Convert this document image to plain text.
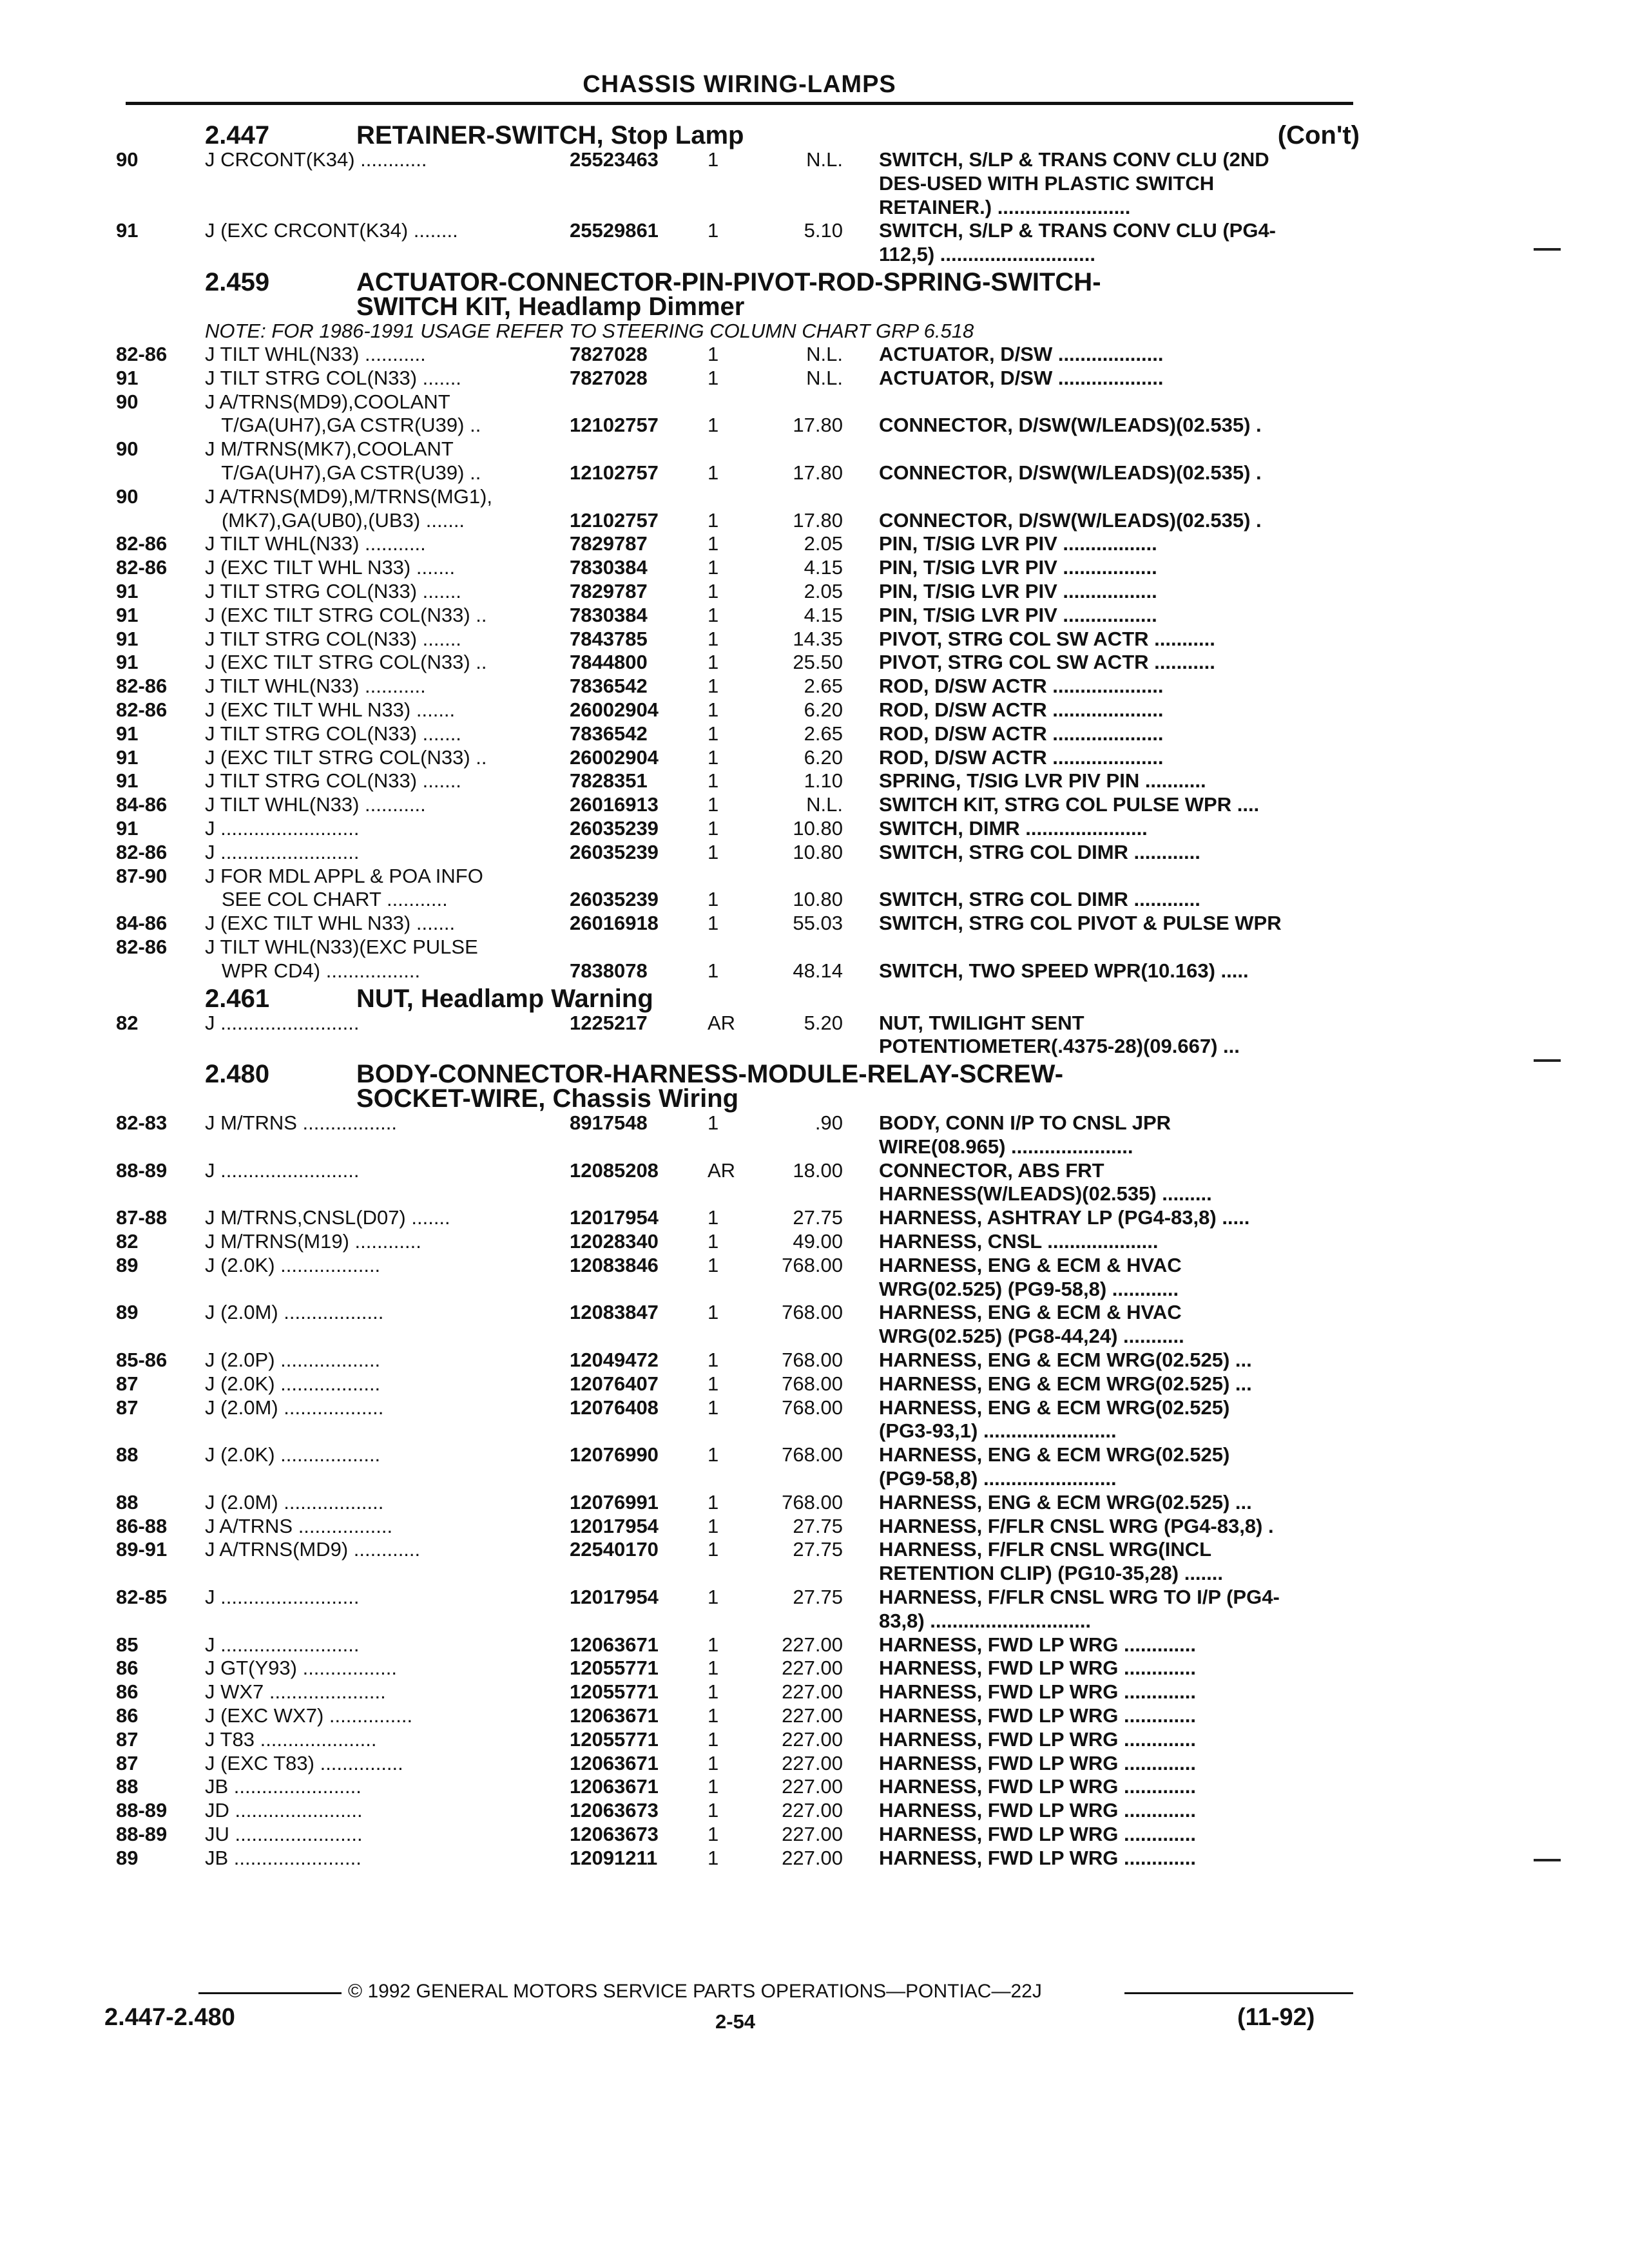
CHASSIS WIRING-LAMPS
2.447	RETAINER-SWITCH, Stop Lamp	(Con't)
90	J CRCONT(K34) ............	25523463	1	N.L.	SWITCH, S/LP & TRANS CONV CLU (2ND
DES-USED WITH PLASTIC SWITCH
RETAINER.) ........................
91	J (EXC CRCONT(K34) ........	25529861	1	5.10	SWITCH, S/LP & TRANS CONV CLU (PG4-
112,5) ............................
2.459	ACTUATOR-CONNECTOR-PIN-PIVOT-ROD-SPRING-SWITCH-
SWITCH KIT, Headlamp Dimmer
NOTE: FOR 1986-1991 USAGE REFER TO STEERING COLUMN CHART GRP 6.518
82-86	J TILT WHL(N33) ...........	7827028	1	N.L.	ACTUATOR, D/SW ...................
91	J TILT STRG COL(N33) .......	7827028	1	N.L.	ACTUATOR, D/SW ...................
90	J A/TRNS(MD9),COOLANT
T/GA(UH7),GA CSTR(U39) ..	12102757	1	17.80	CONNECTOR, D/SW(W/LEADS)(02.535) .
90	J M/TRNS(MK7),COOLANT
T/GA(UH7),GA CSTR(U39) ..	12102757	1	17.80	CONNECTOR, D/SW(W/LEADS)(02.535) .
90	J A/TRNS(MD9),M/TRNS(MG1),
(MK7),GA(UB0),(UB3) .......	12102757	1	17.80	CONNECTOR, D/SW(W/LEADS)(02.535) .
82-86	J TILT WHL(N33) ...........	7829787	1	2.05	PIN, T/SIG LVR PIV .................
82-86	J (EXC TILT WHL N33) .......	7830384	1	4.15	PIN, T/SIG LVR PIV .................
91	J TILT STRG COL(N33) .......	7829787	1	2.05	PIN, T/SIG LVR PIV .................
91	J (EXC TILT STRG COL(N33) ..	7830384	1	4.15	PIN, T/SIG LVR PIV .................
91	J TILT STRG COL(N33) .......	7843785	1	14.35	PIVOT, STRG COL SW ACTR ...........
91	J (EXC TILT STRG COL(N33) ..	7844800	1	25.50	PIVOT, STRG COL SW ACTR ...........
82-86	J TILT WHL(N33) ...........	7836542	1	2.65	ROD, D/SW ACTR ....................
82-86	J (EXC TILT WHL N33) .......	26002904	1	6.20	ROD, D/SW ACTR ....................
91	J TILT STRG COL(N33) .......	7836542	1	2.65	ROD, D/SW ACTR ....................
91	J (EXC TILT STRG COL(N33) ..	26002904	1	6.20	ROD, D/SW ACTR ....................
91	J TILT STRG COL(N33) .......	7828351	1	1.10	SPRING, T/SIG LVR PIV PIN ...........
84-86	J TILT WHL(N33) ...........	26016913	1	N.L.	SWITCH KIT, STRG COL PULSE WPR ....
91	J .........................	26035239	1	10.80	SWITCH, DIMR ......................
82-86	J .........................	26035239	1	10.80	SWITCH, STRG COL DIMR ............
87-90	J FOR MDL APPL & POA INFO
SEE COL CHART ...........	26035239	1	10.80	SWITCH, STRG COL DIMR ............
84-86	J (EXC TILT WHL N33) .......	26016918	1	55.03	SWITCH, STRG COL PIVOT & PULSE WPR
82-86	J TILT WHL(N33)(EXC PULSE
WPR CD4) .................	7838078	1	48.14	SWITCH, TWO SPEED WPR(10.163) .....
2.461	NUT, Headlamp Warning
82	J .........................	1225217	AR	5.20	NUT, TWILIGHT SENT
POTENTIOMETER(.4375-28)(09.667) ...
2.480	BODY-CONNECTOR-HARNESS-MODULE-RELAY-SCREW-
SOCKET-WIRE, Chassis Wiring
82-83	J M/TRNS .................	8917548	1	.90	BODY, CONN I/P TO CNSL JPR
WIRE(08.965) ......................
88-89	J .........................	12085208	AR	18.00	CONNECTOR, ABS FRT
HARNESS(W/LEADS)(02.535) .........
87-88	J M/TRNS,CNSL(D07) .......	12017954	1	27.75	HARNESS, ASHTRAY LP (PG4-83,8) .....
82	J M/TRNS(M19) ............	12028340	1	49.00	HARNESS, CNSL ....................
89	J (2.0K) ..................	12083846	1	768.00	HARNESS, ENG & ECM & HVAC
WRG(02.525) (PG9-58,8) ............
89	J (2.0M) ..................	12083847	1	768.00	HARNESS, ENG & ECM & HVAC
WRG(02.525) (PG8-44,24) ...........
85-86	J (2.0P) ..................	12049472	1	768.00	HARNESS, ENG & ECM WRG(02.525) ...
87	J (2.0K) ..................	12076407	1	768.00	HARNESS, ENG & ECM WRG(02.525) ...
87	J (2.0M) ..................	12076408	1	768.00	HARNESS, ENG & ECM WRG(02.525)
(PG3-93,1) ........................
88	J (2.0K) ..................	12076990	1	768.00	HARNESS, ENG & ECM WRG(02.525)
(PG9-58,8) ........................
88	J (2.0M) ..................	12076991	1	768.00	HARNESS, ENG & ECM WRG(02.525) ...
86-88	J A/TRNS .................	12017954	1	27.75	HARNESS, F/FLR CNSL WRG (PG4-83,8) .
89-91	J A/TRNS(MD9) ............	22540170	1	27.75	HARNESS, F/FLR CNSL WRG(INCL
RETENTION CLIP) (PG10-35,28) .......
82-85	J .........................	12017954	1	27.75	HARNESS, F/FLR CNSL WRG TO I/P (PG4-
83,8) .............................
85	J .........................	12063671	1	227.00	HARNESS, FWD LP WRG .............
86	J GT(Y93) .................	12055771	1	227.00	HARNESS, FWD LP WRG .............
86	J WX7 .....................	12055771	1	227.00	HARNESS, FWD LP WRG .............
86	J (EXC WX7) ...............	12063671	1	227.00	HARNESS, FWD LP WRG .............
87	J T83 .....................	12055771	1	227.00	HARNESS, FWD LP WRG .............
87	J (EXC T83) ...............	12063671	1	227.00	HARNESS, FWD LP WRG .............
88	JB .......................	12063671	1	227.00	HARNESS, FWD LP WRG .............
88-89	JD .......................	12063673	1	227.00	HARNESS, FWD LP WRG .............
88-89	JU .......................	12063673	1	227.00	HARNESS, FWD LP WRG .............
89	JB .......................	12091211	1	227.00	HARNESS, FWD LP WRG .............
© 1992 GENERAL MOTORS SERVICE PARTS OPERATIONS—PONTIAC—22J
2.447-2.480	2-54	(11-92)
